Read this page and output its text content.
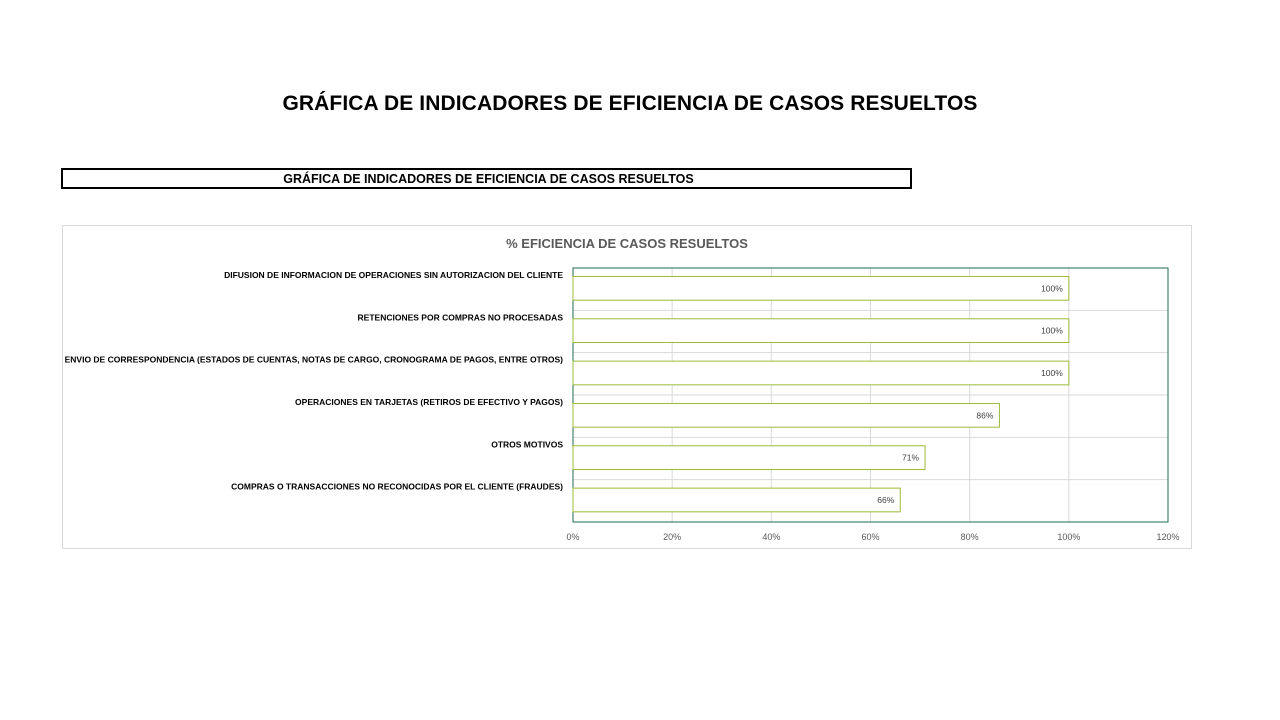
GRÁFICA DE INDICADORES DE EFICIENCIA DE CASOS RESUELTOS
GRÁFICA DE INDICADORES DE EFICIENCIA DE CASOS RESUELTOS
% EFICIENCIA DE CASOS RESUELTOS
0%	20%	40%	60%	80%	100%	120%
100%
DIFUSION DE INFORMACION DE OPERACIONES SIN AUTORIZACION DEL CLIENTE
100%
RETENCIONES POR COMPRAS NO PROCESADAS
100%
ENVIO DE CORRESPONDENCIA (ESTADOS DE CUENTAS, NOTAS DE CARGO, CRONOGRAMA DE PAGOS, ENTRE OTROS)
86%
OPERACIONES EN TARJETAS (RETIROS DE EFECTIVO Y PAGOS)
71%
OTROS MOTIVOS
66%
COMPRAS O TRANSACCIONES NO RECONOCIDAS POR EL CLIENTE (FRAUDES)
